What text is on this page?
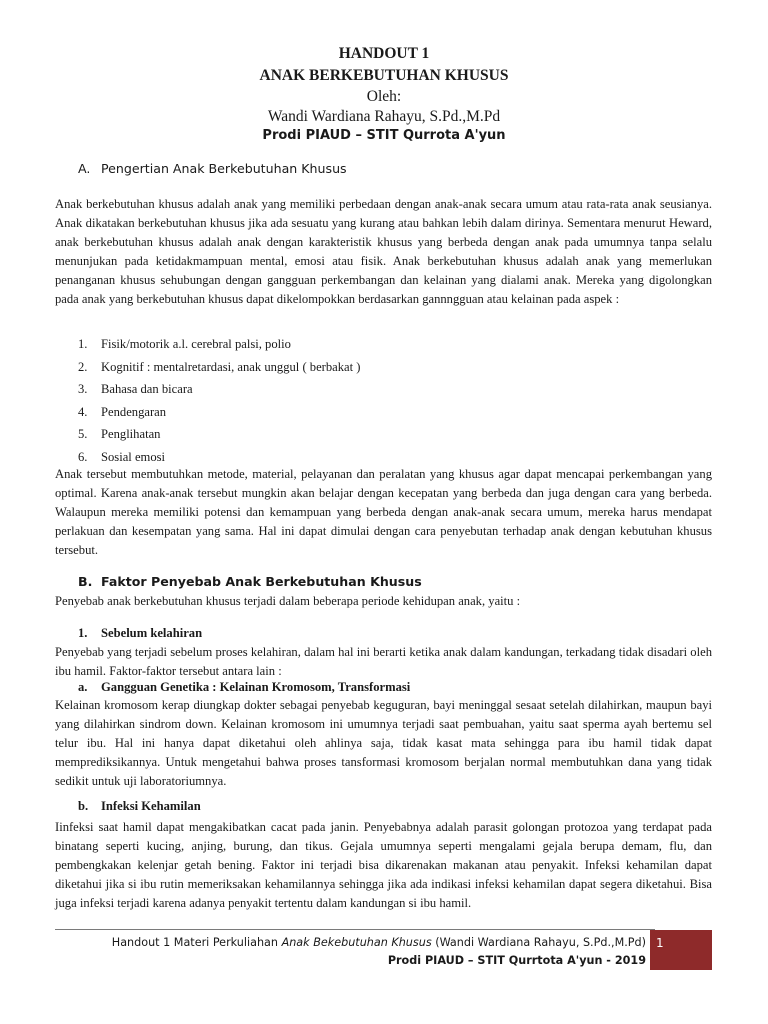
HANDOUT 1
ANAK BERKEBUTUHAN KHUSUS
Oleh:
Wandi Wardiana Rahayu, S.Pd.,M.Pd
Prodi PIAUD – STIT Qurrota A'yun
A. Pengertian Anak Berkebutuhan Khusus
Anak berkebutuhan khusus adalah anak yang memiliki perbedaan dengan anak-anak secara umum atau rata-rata anak seusianya. Anak dikatakan berkebutuhan khusus jika ada sesuatu yang kurang atau bahkan lebih dalam dirinya. Sementara menurut Heward, anak berkebutuhan khusus adalah anak dengan karakteristik khusus yang berbeda dengan anak pada umumnya tanpa selalu menunjukan pada ketidakmampuan mental, emosi atau fisik. Anak berkebutuhan khusus adalah anak yang memerlukan penanganan khusus sehubungan dengan gangguan perkembangan dan kelainan yang dialami anak. Mereka yang digolongkan pada anak yang berkebutuhan khusus dapat dikelompokkan berdasarkan gannngguan atau kelainan pada aspek :
1. Fisik/motorik a.l. cerebral palsi, polio
2. Kognitif : mentalretardasi, anak unggul ( berbakat )
3. Bahasa dan bicara
4. Pendengaran
5. Penglihatan
6. Sosial emosi
Anak tersebut membutuhkan metode, material, pelayanan dan peralatan yang khusus agar dapat mencapai perkembangan yang optimal. Karena anak-anak tersebut mungkin akan belajar dengan kecepatan yang berbeda dan juga dengan cara yang berbeda. Walaupun mereka memiliki potensi dan kemampuan yang berbeda dengan anak-anak secara umum, mereka harus mendapat perlakuan dan kesempatan yang sama. Hal ini dapat dimulai dengan cara penyebutan terhadap anak dengan kebutuhan khusus tersebut.
B. Faktor Penyebab Anak Berkebutuhan Khusus
Penyebab anak berkebutuhan khusus terjadi dalam beberapa periode kehidupan anak, yaitu :
1. Sebelum kelahiran
Penyebab yang terjadi sebelum proses kelahiran, dalam hal ini berarti ketika anak dalam kandungan, terkadang tidak disadari oleh ibu hamil. Faktor-faktor tersebut antara lain :
a. Gangguan Genetika : Kelainan Kromosom, Transformasi
Kelainan kromosom kerap diungkap dokter sebagai penyebab keguguran, bayi meninggal sesaat setelah dilahirkan, maupun bayi yang dilahirkan sindrom down. Kelainan kromosom ini umumnya terjadi saat pembuahan, yaitu saat sperma ayah bertemu sel telur ibu. Hal ini hanya dapat diketahui oleh ahlinya saja, tidak kasat mata sehingga para ibu hamil tidak dapat memprediksikannya. Untuk mengetahui bahwa proses tansformasi kromosom berjalan normal membutuhkan dana yang tidak sedikit untuk uji laboratoriumnya.
b. Infeksi Kehamilan
Iinfeksi saat hamil dapat mengakibatkan cacat pada janin. Penyebabnya adalah parasit golongan protozoa yang terdapat pada binatang seperti kucing, anjing, burung, dan tikus. Gejala umumnya seperti mengalami gejala berupa demam, flu, dan pembengkakan kelenjar getah bening. Faktor ini terjadi bisa dikarenakan makanan atau penyakit. Infeksi kehamilan dapat diketahui jika si ibu rutin memeriksakan kehamilannya sehingga jika ada indikasi infeksi kehamilan dapat segera diketahui. Bisa juga infeksi terjadi karena adanya penyakit tertentu dalam kandungan si ibu hamil.
Handout 1 Materi Perkuliahan Anak Bekebutuhan Khusus (Wandi Wardiana Rahayu, S.Pd.,M.Pd)
Prodi PIAUD – STIT Qurrtota A'yun - 2019
1
